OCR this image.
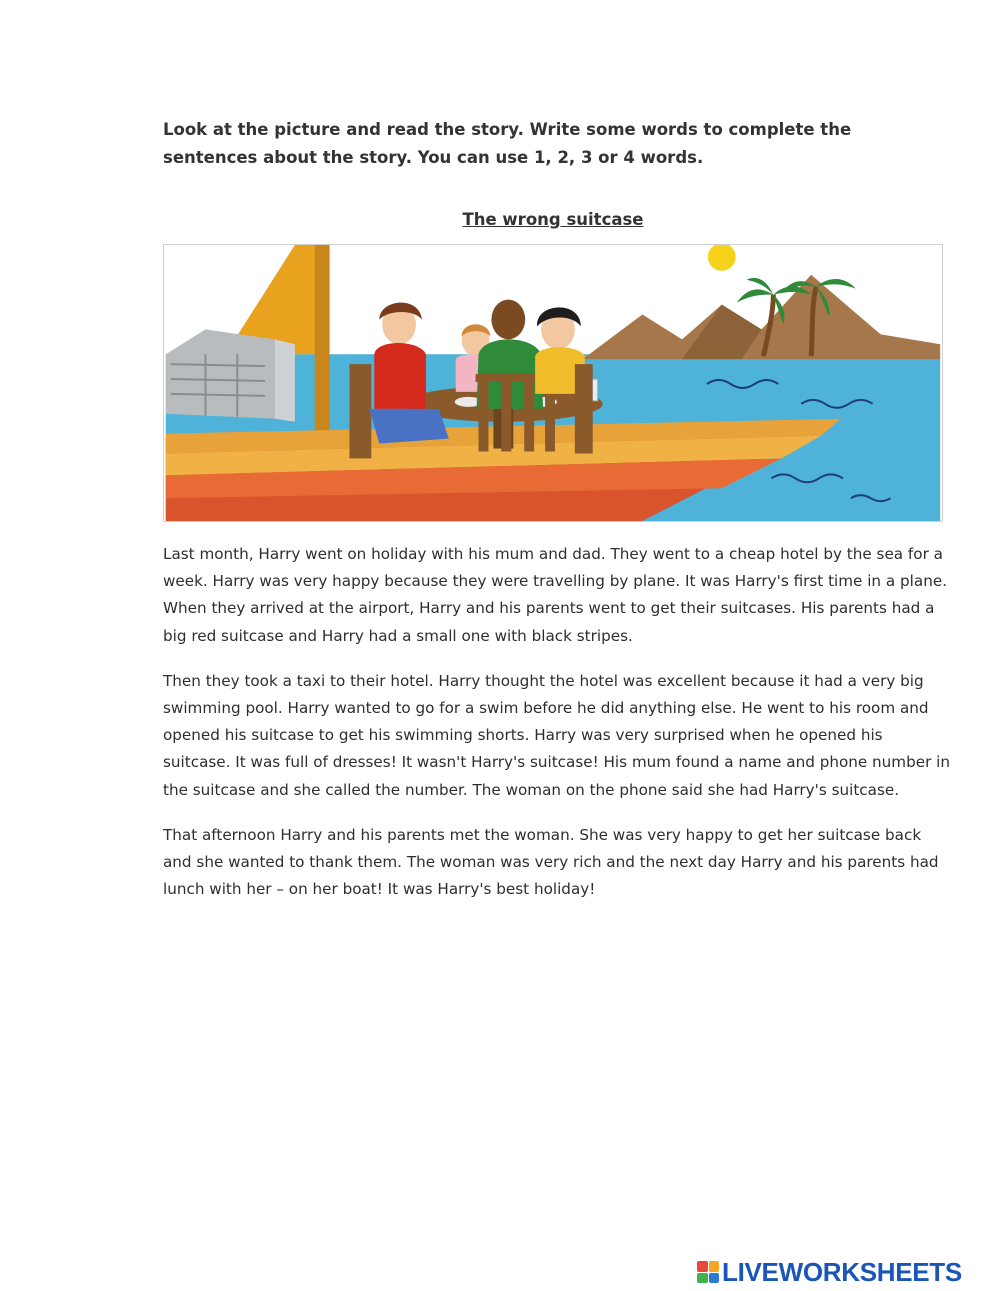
Look at the picture and read the story. Write some words to complete the sentences about the story. You can use 1, 2, 3 or 4 words.

The wrong suitcase

Last month, Harry went on holiday with his mum and dad. They went to a cheap hotel by the sea for a week. Harry was very happy because they were travelling by plane. It was Harry's first time in a plane. When they arrived at the airport, Harry and his parents went to get their suitcases. His parents had a big red suitcase and Harry had a small one with black stripes.

Then they took a taxi to their hotel. Harry thought the hotel was excellent because it had a very big swimming pool. Harry wanted to go for a swim before he did anything else. He went to his room and opened his suitcase to get his swimming shorts. Harry was very surprised when he opened his suitcase. It was full of dresses! It wasn't Harry's suitcase! His mum found a name and phone number in the suitcase and she called the number. The woman on the phone said she had Harry's suitcase.

That afternoon Harry and his parents met the woman. She was very happy to get her suitcase back and she wanted to thank them. The woman was very rich and the next day Harry and his parents had lunch with her – on her boat! It was Harry's best holiday!

LIVEWORKSHEETS
